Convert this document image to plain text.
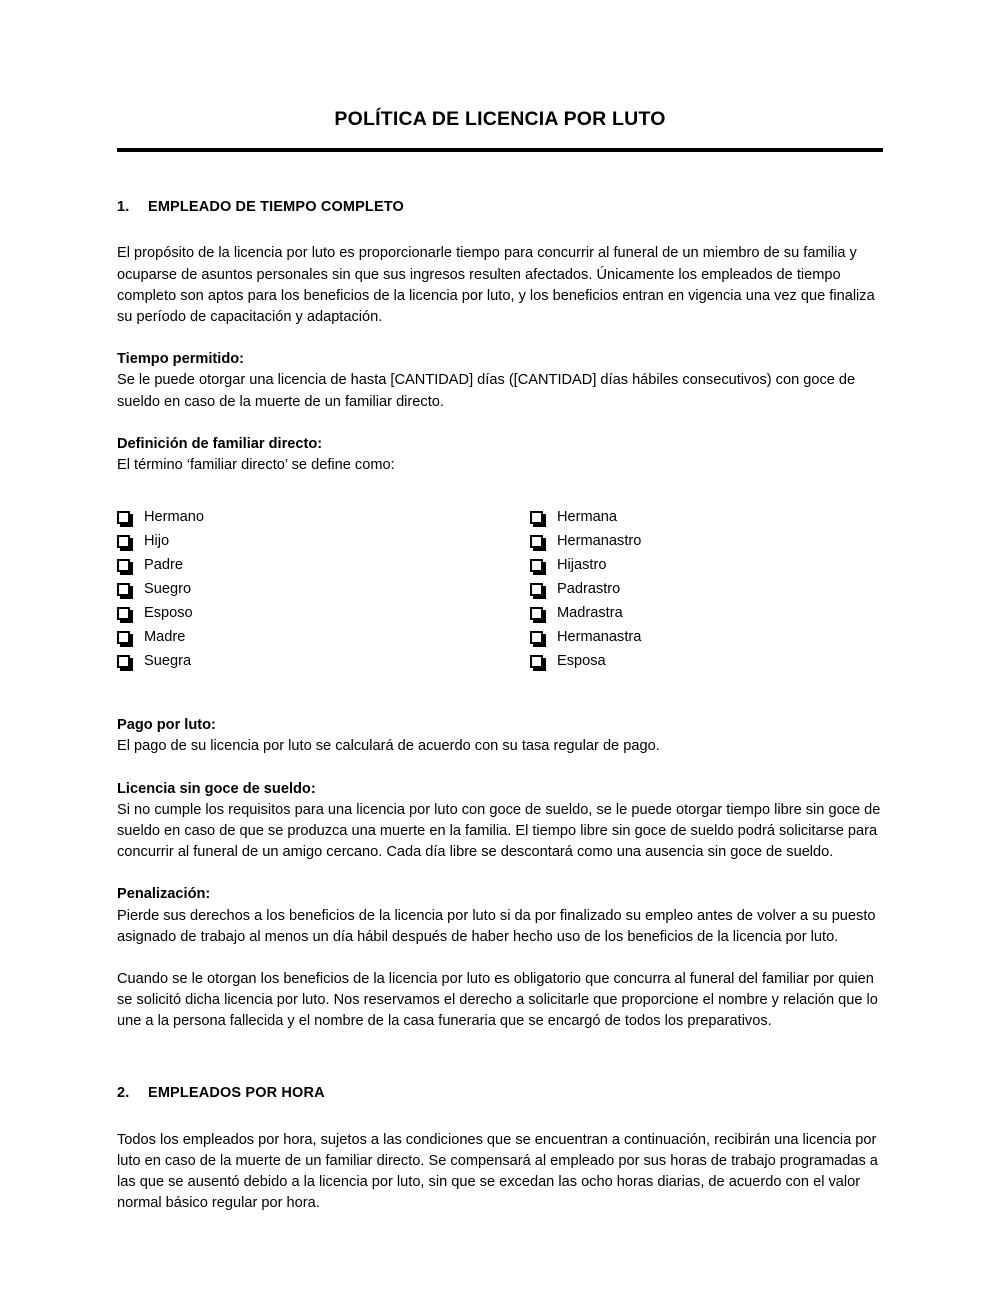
POLÍTICA DE LICENCIA POR LUTO
1.	EMPLEADO DE TIEMPO COMPLETO

El propósito de la licencia por luto es proporcionarle tiempo para concurrir al funeral de un miembro de su familia y ocuparse de asuntos personales sin que sus ingresos resulten afectados. Únicamente los empleados de tiempo completo son aptos para los beneficios de la licencia por luto, y los beneficios entran en vigencia una vez que finaliza su período de capacitación y adaptación.

Tiempo permitido:

Se le puede otorgar una licencia de hasta [CANTIDAD] días ([CANTIDAD] días hábiles consecutivos) con goce de sueldo en caso de la muerte de un familiar directo.

Definición de familiar directo:

El término ‘familiar directo’ se define como:

Hermano
Hijo
Padre
Suegro
Esposo
Madre
Suegra
Hermana
Hermanastro
Hijastro
Padrastro
Madrastra
Hermanastra
Esposa
Pago por luto:

El pago de su licencia por luto se calculará de acuerdo con su tasa regular de pago.

Licencia sin goce de sueldo:

Si no cumple los requisitos para una licencia por luto con goce de sueldo, se le puede otorgar tiempo libre sin goce de sueldo en caso de que se produzca una muerte en la familia. El tiempo libre sin goce de sueldo podrá solicitarse para concurrir al funeral de un amigo cercano. Cada día libre se descontará como una ausencia sin goce de sueldo.

Penalización:

Pierde sus derechos a los beneficios de la licencia por luto si da por finalizado su empleo antes de volver a su puesto asignado de trabajo al menos un día hábil después de haber hecho uso de los beneficios de la licencia por luto.

Cuando se le otorgan los beneficios de la licencia por luto es obligatorio que concurra al funeral del familiar por quien se solicitó dicha licencia por luto. Nos reservamos el derecho a solicitarle que proporcione el nombre y relación que lo une a la persona fallecida y el nombre de la casa funeraria que se encargó de todos los preparativos.

2.	EMPLEADOS POR HORA

Todos los empleados por hora, sujetos a las condiciones que se encuentran a continuación, recibirán una licencia por luto en caso de la muerte de un familiar directo. Se compensará al empleado por sus horas de trabajo programadas a las que se ausentó debido a la licencia por luto, sin que se excedan las ocho horas diarias, de acuerdo con el valor normal básico regular por hora.
